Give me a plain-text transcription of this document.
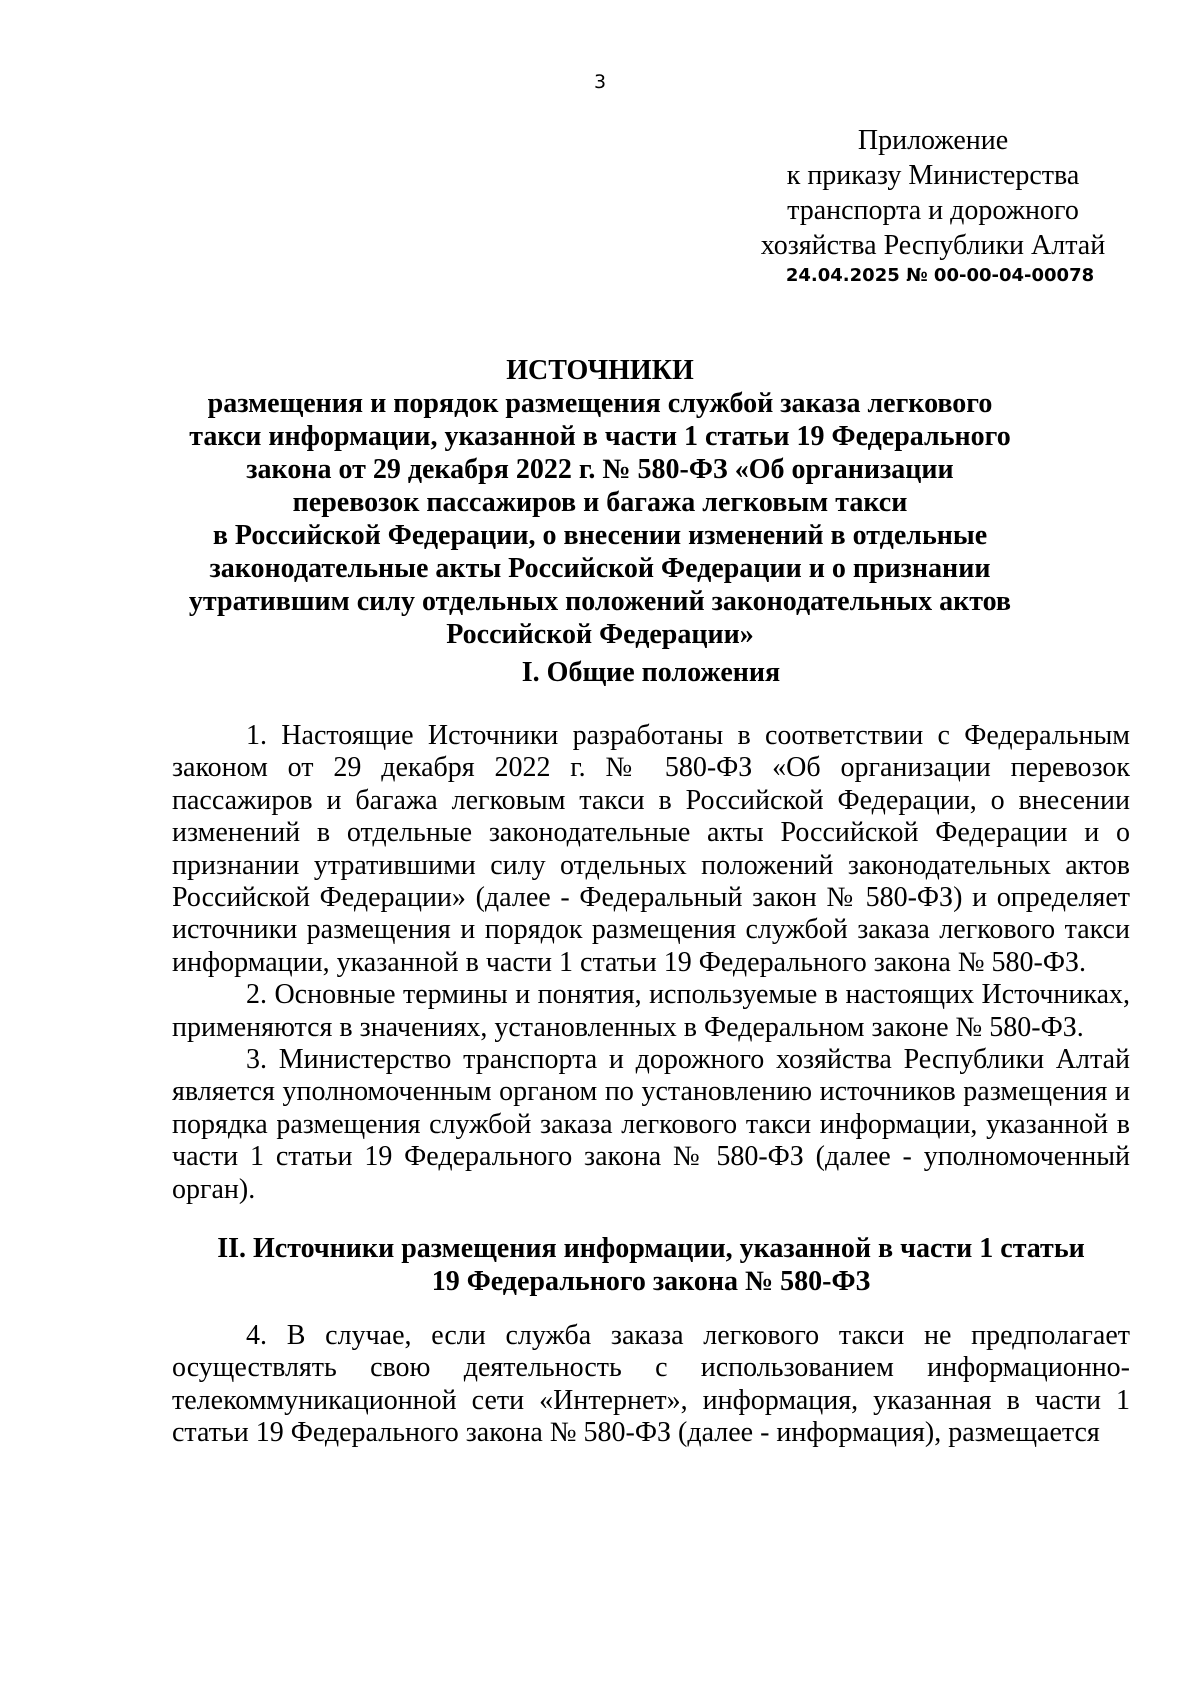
3
Приложение
к приказу Министерства
транспорта и дорожного
хозяйства Республики Алтай
24.04.2025 № 00-00-04-00078
ИСТОЧНИКИ
размещения и порядок размещения службой заказа легкового
такси информации, указанной в части 1 статьи 19 Федерального
закона от 29 декабря 2022 г. № 580-ФЗ «Об организации
перевозок пассажиров и багажа легковым такси
в Российской Федерации, о внесении изменений в отдельные
законодательные акты Российской Федерации и о признании
утратившим силу отдельных положений законодательных актов
Российской Федерации»
I. Общие положения

1. Настоящие Источники разработаны в соответствии с Федеральным законом от 29 декабря 2022 г. № 580-ФЗ «Об организации перевозок пассажиров и багажа легковым такси в Российской Федерации, о внесении изменений в отдельные законодательные акты Российской Федерации и о признании утратившими силу отдельных положений законодательных актов Российской Федерации» (далее - Федеральный закон № 580-ФЗ) и определяет источники размещения и порядок размещения службой заказа легкового такси информации, указанной в части 1 статьи 19 Федерального закона № 580-ФЗ.

2. Основные термины и понятия, используемые в настоящих Источниках, применяются в значениях, установленных в Федеральном законе № 580-ФЗ.

3. Министерство транспорта и дорожного хозяйства Республики Алтай является уполномоченным органом по установлению источников размещения и порядка размещения службой заказа легкового такси информации, указанной в части 1 статьи 19 Федерального закона № 580-ФЗ (далее - уполномоченный орган).

II. Источники размещения информации, указанной в части 1 статьи
19 Федерального закона № 580-ФЗ

4. В случае, если служба заказа легкового такси не предполагает осуществлять свою деятельность с использованием информационно-телекоммуникационной сети «Интернет», информация, указанная в части 1 статьи 19 Федерального закона № 580-ФЗ (далее - информация), размещается
